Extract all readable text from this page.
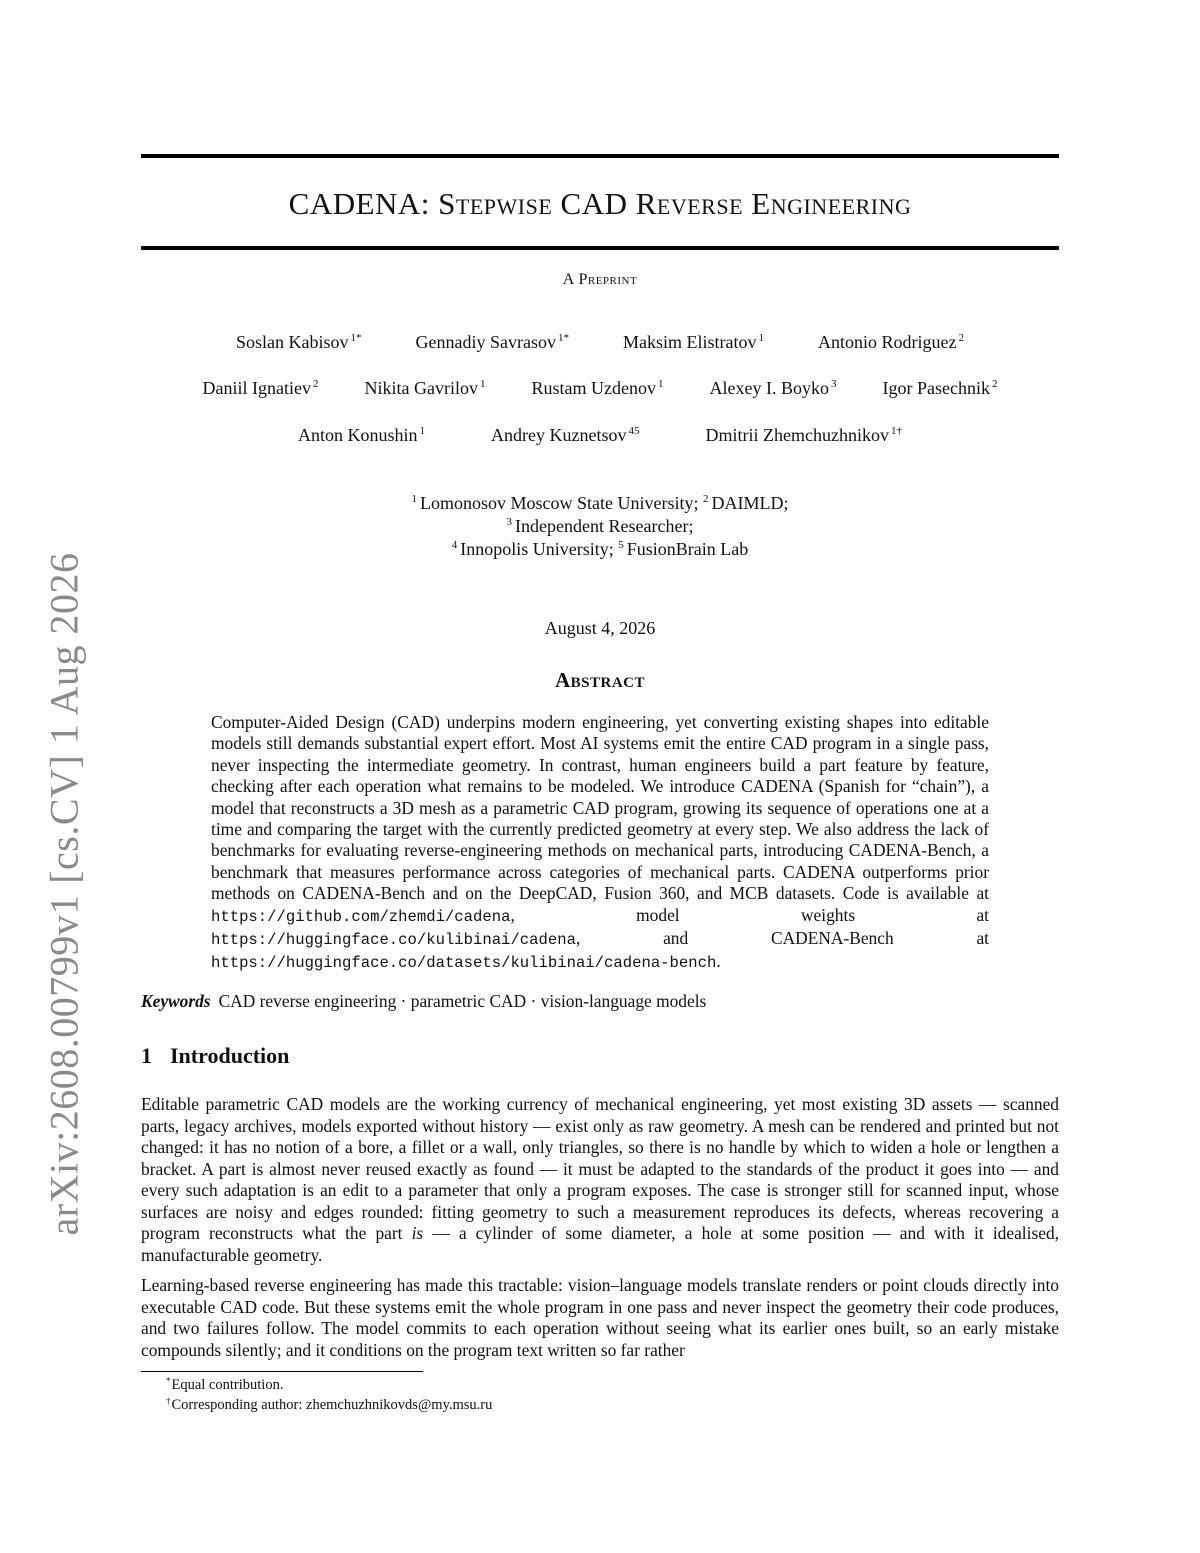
arXiv:2608.00799v1 [cs.CV] 1 Aug 2026
CADENA: Stepwise CAD Reverse Engineering
A Preprint
Soslan Kabisov $^{1*}$	Gennadiy Savrasov $^{1*}$	Maksim Elistratov $^1$	Antonio Rodriguez $^2$
Daniil Ignatiev $^2$	Nikita Gavrilov $^1$	Rustam Uzdenov $^1$	Alexey I. Boyko $^3$	Igor Pasechnik $^2$
Anton Konushin $^1$	Andrey Kuznetsov $^{45}$	Dmitrii Zhemchuzhnikov $^{1\dagger}$
$^1$ Lomonosov Moscow State University; $^2$ DAIMLD;
$^3$ Independent Researcher;
$^4$ Innopolis University; $^5$ FusionBrain Lab
August 4, 2026
Abstract
Computer-Aided Design (CAD) underpins modern engineering, yet converting existing shapes into editable models still demands substantial expert effort. Most AI systems emit the entire CAD program in a single pass, never inspecting the intermediate geometry. In contrast, human engineers build a part feature by feature, checking after each operation what remains to be modeled. We introduce CADENA (Spanish for “chain”), a model that reconstructs a 3D mesh as a parametric CAD program, growing its sequence of operations one at a time and comparing the target with the currently predicted geometry at every step. We also address the lack of benchmarks for evaluating reverse-engineering methods on mechanical parts, introducing CADENA-Bench, a benchmark that measures performance across categories of mechanical parts. CADENA outperforms prior methods on CADENA-Bench and on the DeepCAD, Fusion 360, and MCB datasets. Code is available at https://github.com/zhemdi/cadena, model weights at https://huggingface.co/kulibinai/cadena, and CADENA-Bench at https://huggingface.co/datasets/kulibinai/cadena-bench.
Keywords CAD reverse engineering · parametric CAD · vision-language models
1 Introduction
Editable parametric CAD models are the working currency of mechanical engineering, yet most existing 3D assets — scanned parts, legacy archives, models exported without history — exist only as raw geometry. A mesh can be rendered and printed but not changed: it has no notion of a bore, a fillet or a wall, only triangles, so there is no handle by which to widen a hole or lengthen a bracket. A part is almost never reused exactly as found — it must be adapted to the standards of the product it goes into — and every such adaptation is an edit to a parameter that only a program exposes. The case is stronger still for scanned input, whose surfaces are noisy and edges rounded: fitting geometry to such a measurement reproduces its defects, whereas recovering a program reconstructs what the part is — a cylinder of some diameter, a hole at some position — and with it idealised, manufacturable geometry.
Learning-based reverse engineering has made this tractable: vision–language models translate renders or point clouds directly into executable CAD code. But these systems emit the whole program in one pass and never inspect the geometry their code produces, and two failures follow. The model commits to each operation without seeing what its earlier ones built, so an early mistake compounds silently; and it conditions on the program text written so far rather
*Equal contribution.
†Corresponding author: zhemchuzhnikovds@my.msu.ru
